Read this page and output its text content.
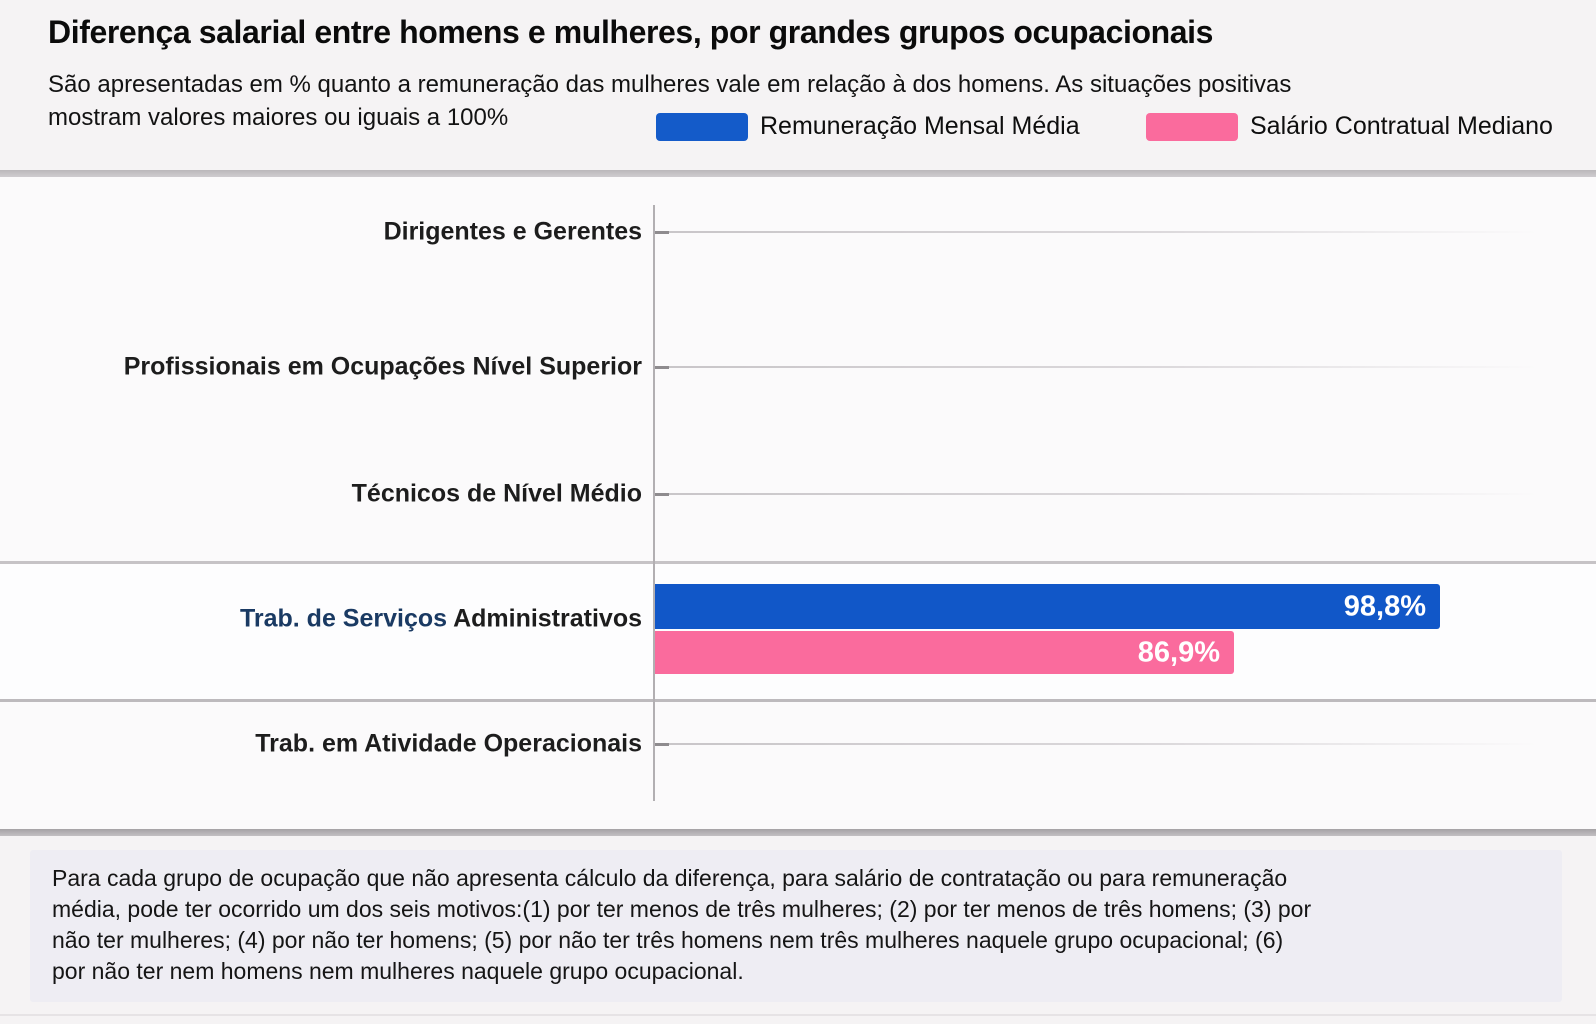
Diferença salarial entre homens e mulheres, por grandes grupos ocupacionais
São apresentadas em % quanto a remuneração das mulheres vale em relação à dos homens. As situações positivas
mostram valores maiores ou iguais a 100%	Remuneração Mensal Média	Salário Contratual Mediano
Dirigentes e Gerentes
Profissionais em Ocupações Nível Superior
Técnicos de Nível Médio
Trab. de Serviços Administrativos
Trab. em Atividade Operacionais
98,8%
86,9%
Para cada grupo de ocupação que não apresenta cálculo da diferença, para salário de contratação ou para remuneração
média, pode ter ocorrido um dos seis motivos:(1) por ter menos de três mulheres; (2) por ter menos de três homens; (3) por
não ter mulheres; (4) por não ter homens; (5) por não ter três homens nem três mulheres naquele grupo ocupacional; (6)
por não ter nem homens nem mulheres naquele grupo ocupacional.
